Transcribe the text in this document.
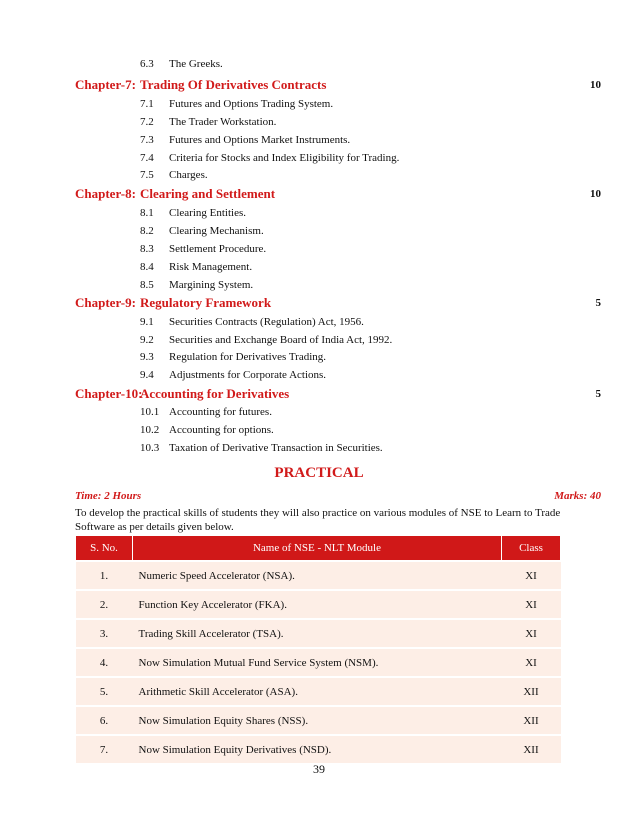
6.3 The Greeks.
Chapter-7: Trading Of Derivatives Contracts	10
7.1 Futures and Options Trading System.
7.2 The Trader Workstation.
7.3 Futures and Options Market Instruments.
7.4 Criteria for Stocks and Index Eligibility for Trading.
7.5 Charges.
Chapter-8: Clearing and Settlement	10
8.1 Clearing Entities.
8.2 Clearing Mechanism.
8.3 Settlement Procedure.
8.4 Risk Management.
8.5 Margining System.
Chapter-9: Regulatory Framework	5
9.1 Securities Contracts (Regulation) Act, 1956.
9.2 Securities and Exchange Board of India Act, 1992.
9.3 Regulation for Derivatives Trading.
9.4 Adjustments for Corporate Actions.
Chapter-10:
Accounting for Derivatives	5
10.1 Accounting for futures.
10.2 Accounting for options.
10.3 Taxation of Derivative Transaction in Securities.
PRACTICAL
Time: 2 Hours	Marks: 40
To develop the practical skills of students they will also practice on various modules of NSE to Learn to Trade Software as per details given below.
S. No.	Name of NSE - NLT Module	Class
1.	Numeric Speed Accelerator (NSA).	XI
2.	Function Key Accelerator (FKA).	XI
3.	Trading Skill Accelerator (TSA).	XI
4.	Now Simulation Mutual Fund Service System (NSM).	XI
5.	Arithmetic Skill Accelerator (ASA).	XII
6.	Now Simulation Equity Shares (NSS).	XII
7.	Now Simulation Equity Derivatives (NSD).	XII
39
